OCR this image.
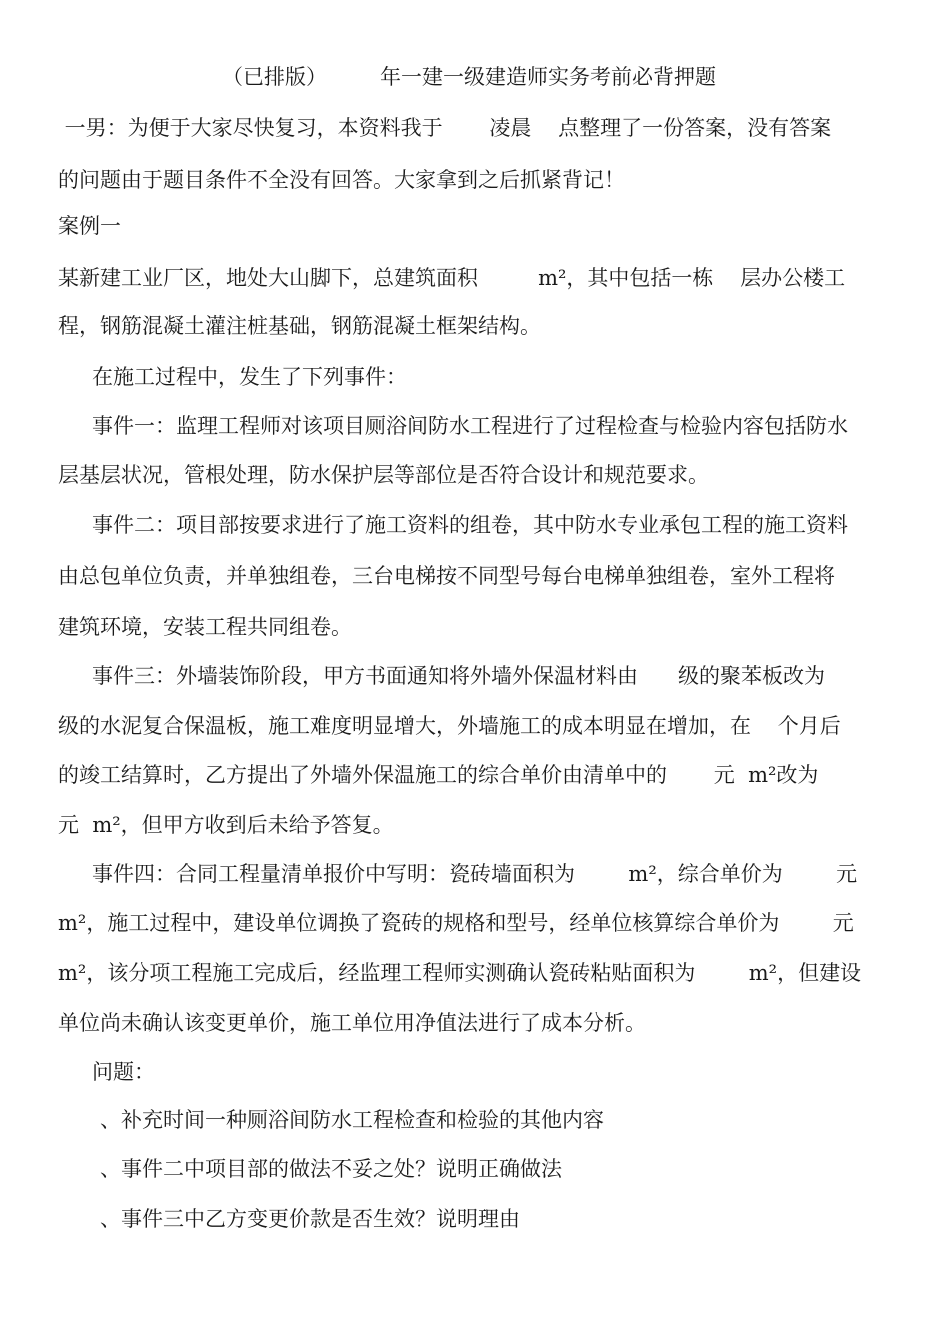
（已排版）	年一建一级建造师实务考前必背押题
一男：为便于大家尽快复习，本资料我于       凌晨    点整理了一份答案，没有答案
的问题由于题目条件不全没有回答。大家拿到之后抓紧背记！
案例一
某新建工业厂区，地处大山脚下，总建筑面积         m²，其中包括一栋    层办公楼工
程，钢筋混凝土灌注桩基础，钢筋混凝土框架结构。
在施工过程中，发生了下列事件：
事件一：监理工程师对该项目厕浴间防水工程进行了过程检查与检验内容包括防水
层基层状况，管根处理，防水保护层等部位是否符合设计和规范要求。
事件二：项目部按要求进行了施工资料的组卷，其中防水专业承包工程的施工资料
由总包单位负责，并单独组卷，三台电梯按不同型号每台电梯单独组卷，室外工程将
建筑环境，安装工程共同组卷。
事件三：外墙装饰阶段，甲方书面通知将外墙外保温材料由      级的聚苯板改为
级的水泥复合保温板，施工难度明显增大，外墙施工的成本明显在增加，在    个月后
的竣工结算时，乙方提出了外墙外保温施工的综合单价由清单中的       元  m²改为
元  m²，但甲方收到后未给予答复。
事件四：合同工程量清单报价中写明：瓷砖墙面积为        m²，综合单价为        元
m²，施工过程中，建设单位调换了瓷砖的规格和型号，经单位核算综合单价为        元
m²，该分项工程施工完成后，经监理工程师实测确认瓷砖粘贴面积为        m²，但建设
单位尚未确认该变更单价，施工单位用净值法进行了成本分析。
问题：
、补充时间一种厕浴间防水工程检查和检验的其他内容
、事件二中项目部的做法不妥之处？说明正确做法
、事件三中乙方变更价款是否生效？说明理由
